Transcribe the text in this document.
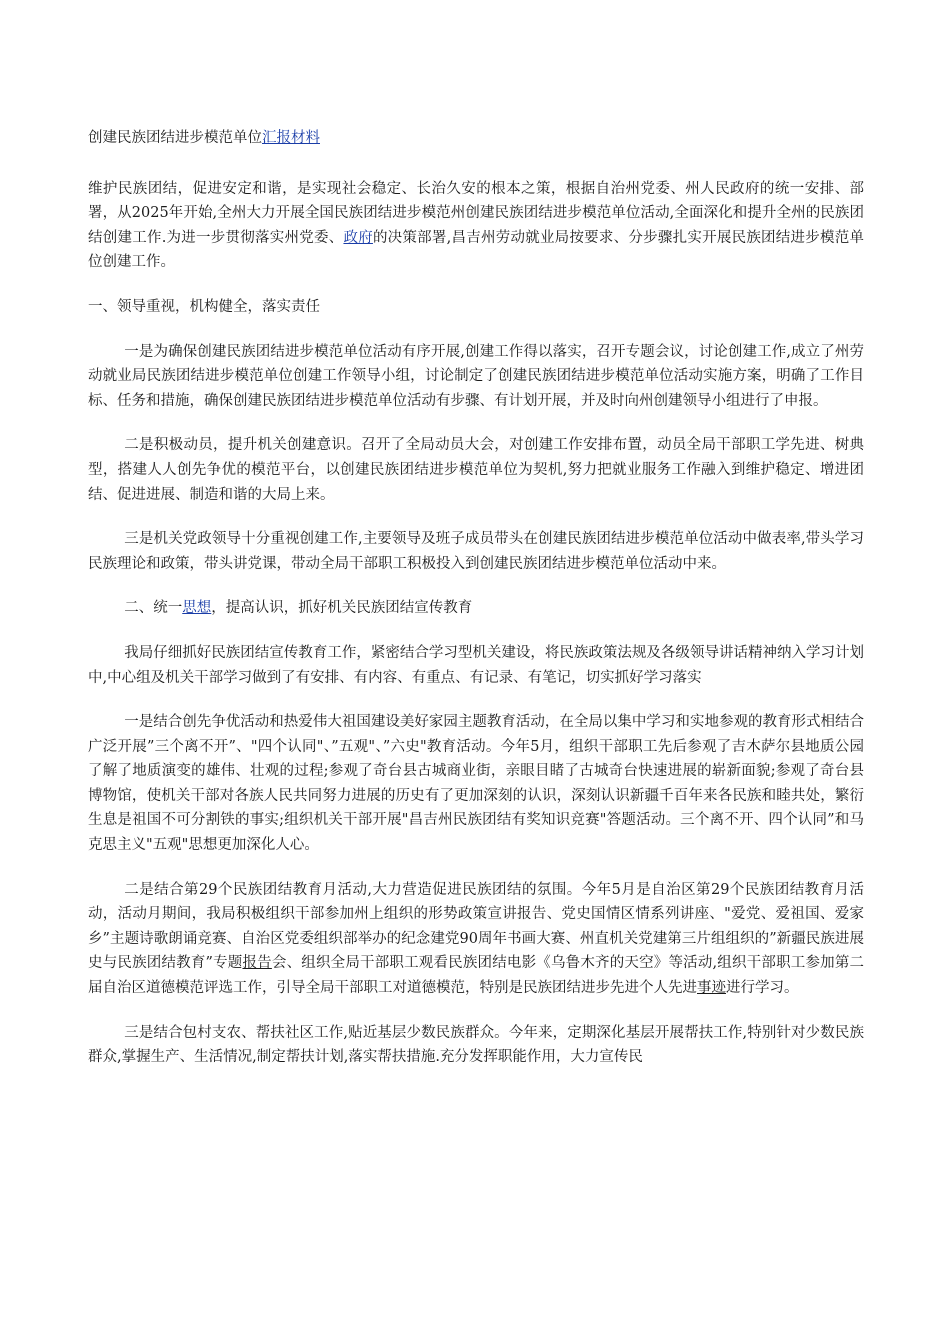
创建民族团结进步模范单位汇报材料

维护民族团结，促进安定和谐，是实现社会稳定、长治久安的根本之策，根据自治州党委、州人民政府的统一安排、部署，从2025年开始,全州大力开展全国民族团结进步模范州创建民族团结进步模范单位活动,全面深化和提升全州的民族团结创建工作.为进一步贯彻落实州党委、政府的决策部署,昌吉州劳动就业局按要求、分步骤扎实开展民族团结进步模范单位创建工作。

一、领导重视，机构健全，落实责任

一是为确保创建民族团结进步模范单位活动有序开展,创建工作得以落实，召开专题会议，讨论创建工作,成立了州劳动就业局民族团结进步模范单位创建工作领导小组，讨论制定了创建民族团结进步模范单位活动实施方案，明确了工作目标、任务和措施，确保创建民族团结进步模范单位活动有步骤、有计划开展，并及时向州创建领导小组进行了申报。

二是积极动员，提升机关创建意识。召开了全局动员大会，对创建工作安排布置，动员全局干部职工学先进、树典型，搭建人人创先争优的模范平台，以创建民族团结进步模范单位为契机,努力把就业服务工作融入到维护稳定、增进团结、促进进展、制造和谐的大局上来。

三是机关党政领导十分重视创建工作,主要领导及班子成员带头在创建民族团结进步模范单位活动中做表率,带头学习民族理论和政策，带头讲党课，带动全局干部职工积极投入到创建民族团结进步模范单位活动中来。

二、统一思想，提高认识，抓好机关民族团结宣传教育

我局仔细抓好民族团结宣传教育工作，紧密结合学习型机关建设，将民族政策法规及各级领导讲话精神纳入学习计划中,中心组及机关干部学习做到了有安排、有内容、有重点、有记录、有笔记，切实抓好学习落实

一是结合创先争优活动和热爱伟大祖国建设美好家园主题教育活动，在全局以集中学习和实地参观的教育形式相结合广泛开展”三个离不开”、"四个认同"、”五观"、”六史"教育活动。今年5月，组织干部职工先后参观了吉木萨尔县地质公园了解了地质演变的雄伟、壮观的过程;参观了奇台县古城商业街，亲眼目睹了古城奇台快速进展的崭新面貌;参观了奇台县博物馆，使机关干部对各族人民共同努力进展的历史有了更加深刻的认识，深刻认识新疆千百年来各民族和睦共处，繁衍生息是祖国不可分割铁的事实;组织机关干部开展"昌吉州民族团结有奖知识竞赛"答题活动。三个离不开、四个认同”和马克思主义"五观"思想更加深化人心。

二是结合第29个民族团结教育月活动,大力营造促进民族团结的氛围。今年5月是自治区第29个民族团结教育月活动，活动月期间，我局积极组织干部参加州上组织的形势政策宣讲报告、党史国情区情系列讲座、"爱党、爱祖国、爱家乡”主题诗歌朗诵竞赛、自治区党委组织部举办的纪念建党90周年书画大赛、州直机关党建第三片组组织的”新疆民族进展史与民族团结教育”专题报告会、组织全局干部职工观看民族团结电影《乌鲁木齐的天空》等活动,组织干部职工参加第二届自治区道德模范评选工作，引导全局干部职工对道德模范，特别是民族团结进步先进个人先进事迹进行学习。

三是结合包村支农、帮扶社区工作,贴近基层少数民族群众。今年来，定期深化基层开展帮扶工作,特别针对少数民族群众,掌握生产、生活情况,制定帮扶计划,落实帮扶措施.充分发挥职能作用，大力宣传民
